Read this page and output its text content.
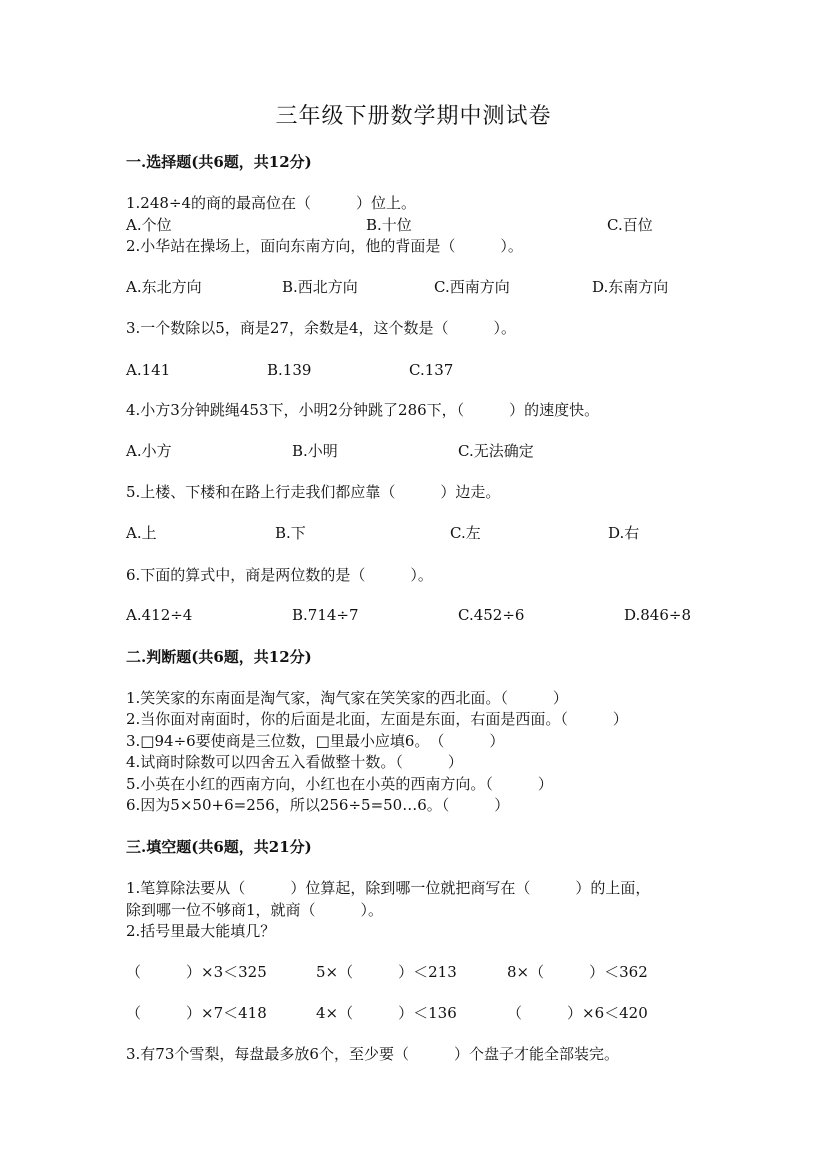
三年级下册数学期中测试卷
一.选择题(共6题，共12分)
1.248÷4的商的最高位在（　　　）位上。
A.个位	B.十位	C.百位
2.小华站在操场上，面向东南方向，他的背面是（　　　）。
A.东北方向	B.西北方向	C.西南方向	D.东南方向
3.一个数除以5，商是27，余数是4，这个数是（　　　）。
A.141	B.139	C.137
4.小方3分钟跳绳453下，小明2分钟跳了286下，（　　　）的速度快。
A.小方	B.小明	C.无法确定
5.上楼、下楼和在路上行走我们都应靠（　　　）边走。
A.上	B.下	C.左	D.右
6.下面的算式中，商是两位数的是（　　　）。
A.412÷4	B.714÷7	C.452÷6	D.846÷8
二.判断题(共6题，共12分)
1.笑笑家的东南面是淘气家，淘气家在笑笑家的西北面。（　　　）
2.当你面对南面时，你的后面是北面，左面是东面，右面是西面。（　　　）
3.□94÷6要使商是三位数，□里最小应填6。　（　　　）
4.试商时除数可以四舍五入看做整十数。（　　　）
5.小英在小红的西南方向，小红也在小英的西南方向。（　　　）
6.因为5×50+6=256，所以256÷5=50…6。（　　　）
三.填空题(共6题，共21分)
1.笔算除法要从（　　　）位算起，除到哪一位就把商写在（　　　）的上面，
除到哪一位不够商1，就商（　　　）。
2.括号里最大能填几？
（　　　）×3＜325	5×（　　　）＜213	8×（　　　）＜362
（　　　）×7＜418	4×（　　　）＜136	（　　　）×6＜420
3.有73个雪梨，每盘最多放6个，至少要（　　　）个盘子才能全部装完。
